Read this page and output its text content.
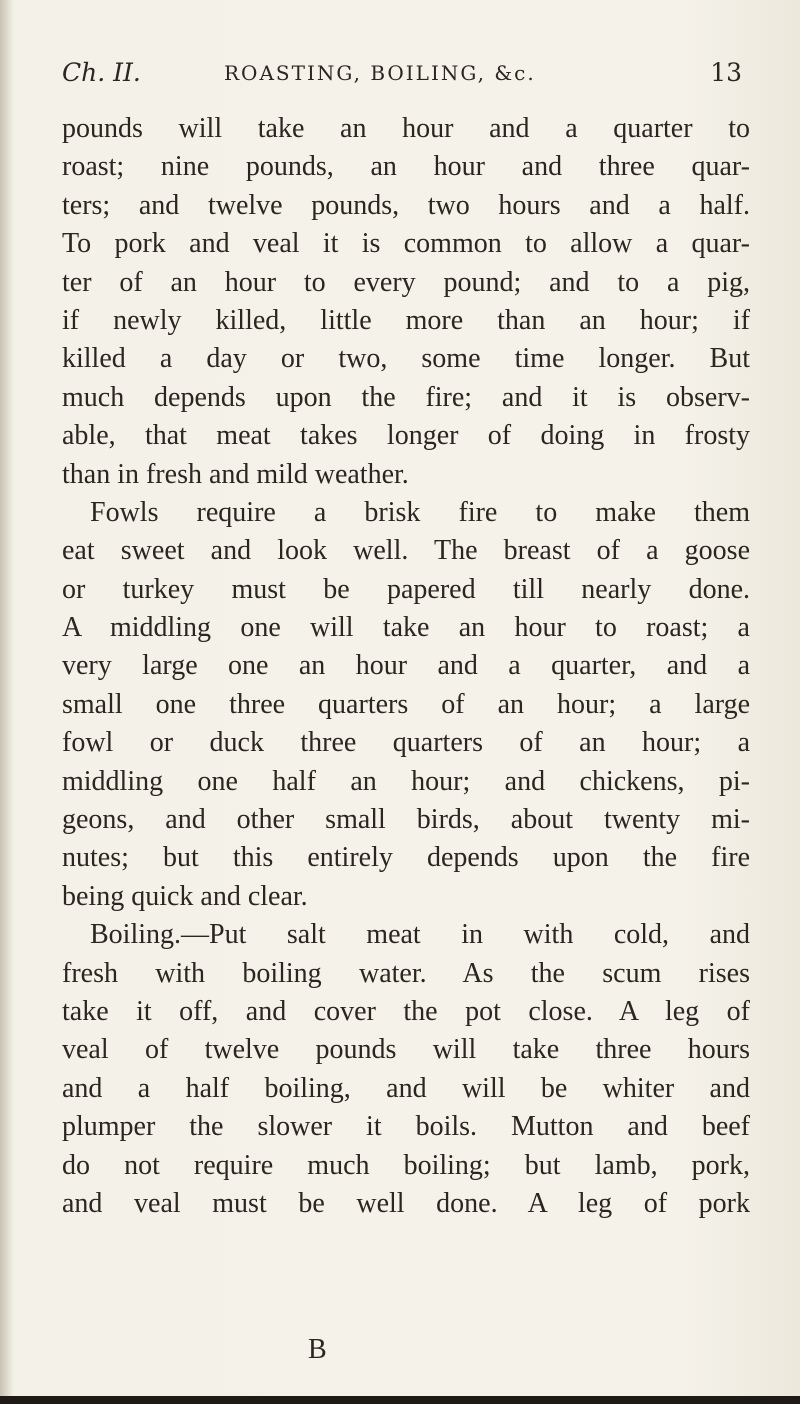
Ch. II.	ROASTING, BOILING, &c.	13
pounds will take an hour and a quarter to
roast; nine pounds, an hour and three quar-
ters; and twelve pounds, two hours and a half.
To pork and veal it is common to allow a quar-
ter of an hour to every pound; and to a pig,
if newly killed, little more than an hour; if
killed a day or two, some time longer. But
much depends upon the fire; and it is observ-
able, that meat takes longer of doing in frosty
than in fresh and mild weather.
Fowls require a brisk fire to make them
eat sweet and look well. The breast of a goose
or turkey must be papered till nearly done.
A middling one will take an hour to roast; a
very large one an hour and a quarter, and a
small one three quarters of an hour; a large
fowl or duck three quarters of an hour; a
middling one half an hour; and chickens, pi-
geons, and other small birds, about twenty mi-
nutes; but this entirely depends upon the fire
being quick and clear.
Boiling.—Put salt meat in with cold, and
fresh with boiling water. As the scum rises
take it off, and cover the pot close. A leg of
veal of twelve pounds will take three hours
and a half boiling, and will be whiter and
plumper the slower it boils. Mutton and beef
do not require much boiling; but lamb, pork,
and veal must be well done. A leg of pork
B
